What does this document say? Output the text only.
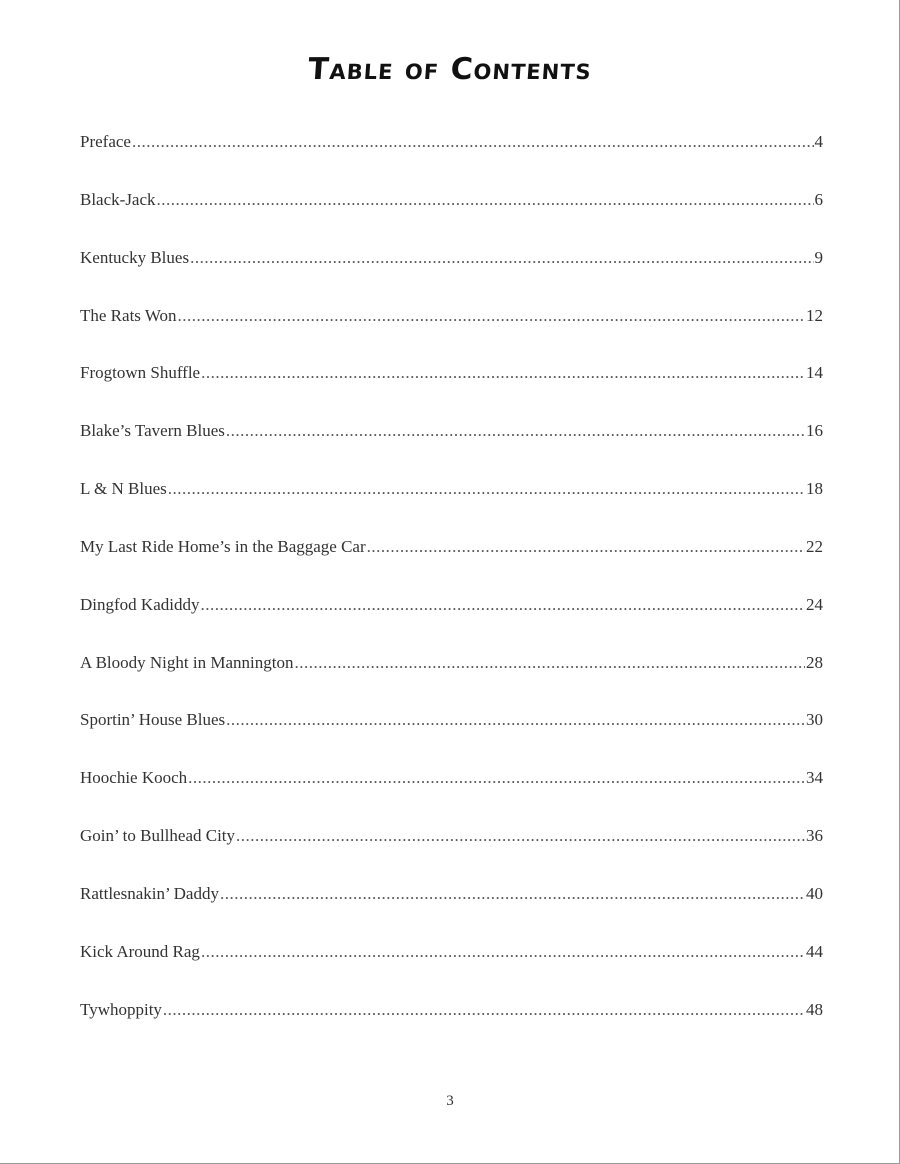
Table of Contents
Preface .....	4
Black-Jack .....	6
Kentucky Blues .....	9
The Rats Won .....	12
Frogtown Shuffle .....	14
Blake’s Tavern Blues .....	16
L & N Blues .....	18
My Last Ride Home’s in the Baggage Car .....	22
Dingfod Kadiddy .....	24
A Bloody Night in Mannington .....	28
Sportin’ House Blues .....	30
Hoochie Kooch .....	34
Goin’ to Bullhead City .....	36
Rattlesnakin’ Daddy .....	40
Kick Around Rag .....	44
Tywhoppity .....	48
3
